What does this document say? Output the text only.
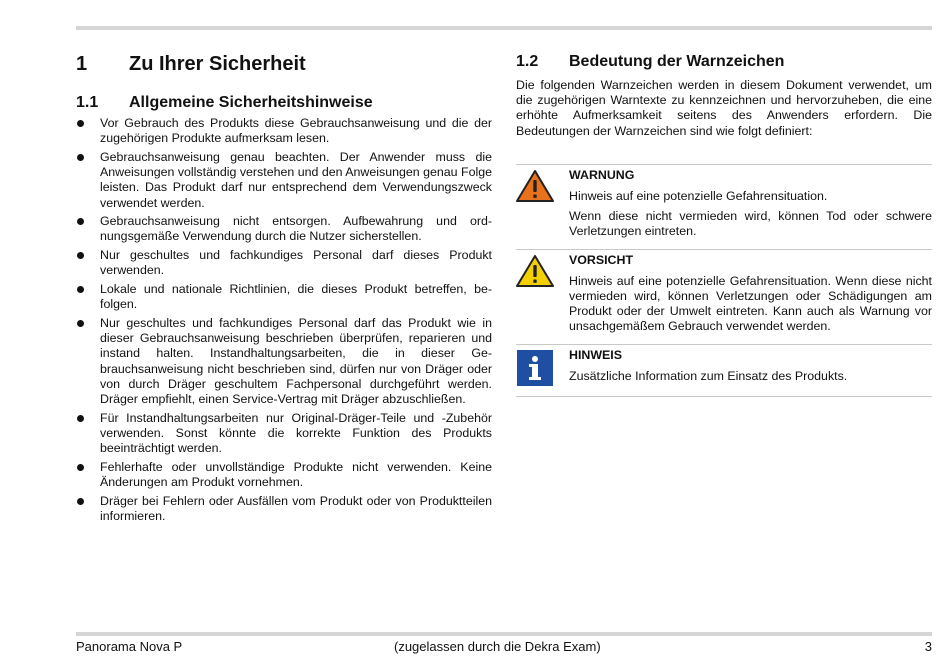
1	Zu Ihrer Sicherheit
1.1	Allgemeine Sicherheitshinweise
Vor Gebrauch des Produkts diese Gebrauchsanweisung und die der zugehörigen Produkte aufmerksam lesen.
Gebrauchsanweisung genau beachten. Der Anwender muss die Anweisungen vollständig verstehen und den Anweisungen genau Folge leisten. Das Produkt darf nur entsprechend dem Verwendungszweck verwendet werden.
Gebrauchsanweisung nicht entsorgen. Aufbewahrung und ordnungsgemäße Verwendung durch die Nutzer sicherstellen.
Nur geschultes und fachkundiges Personal darf dieses Produkt verwenden.
Lokale und nationale Richtlinien, die dieses Produkt betreffen, befolgen.
Nur geschultes und fachkundiges Personal darf das Produkt wie in dieser Gebrauchsanweisung beschrieben überprüfen, reparieren und instand halten. Instandhaltungsarbeiten, die in dieser Gebrauchsanweisung nicht beschrieben sind, dürfen nur von Dräger oder von durch Dräger geschultem Fachpersonal durchgeführt werden. Dräger empfiehlt, einen Service-Vertrag mit Dräger abzuschließen.
Für Instandhaltungsarbeiten nur Original-Dräger-Teile und -Zubehör verwenden. Sonst könnte die korrekte Funktion des Produkts beeinträchtigt werden.
Fehlerhafte oder unvollständige Produkte nicht verwenden. Keine Änderungen am Produkt vornehmen.
Dräger bei Fehlern oder Ausfällen vom Produkt oder von Produktteilen informieren.
1.2	Bedeutung der Warnzeichen
Die folgenden Warnzeichen werden in diesem Dokument verwendet, um die zugehörigen Warntexte zu kennzeichnen und hervorzuheben, die eine erhöhte Aufmerksamkeit seitens des Anwenders erfordern. Die Bedeutungen der Warnzeichen sind wie folgt definiert:
WARNUNG

Hinweis auf eine potenzielle Gefahrensituation.

Wenn diese nicht vermieden wird, können Tod oder schwere Verletzungen eintreten.

VORSICHT

Hinweis auf eine potenzielle Gefahrensituation. Wenn diese nicht vermieden wird, können Verletzungen oder Schädigungen am Produkt oder der Umwelt eintreten. Kann auch als Warnung vor unsachgemäßem Gebrauch verwendet werden.

HINWEIS

Zusätzliche Information zum Einsatz des Produkts.

Panorama Nova P	(zugelassen durch die Dekra Exam)	3
